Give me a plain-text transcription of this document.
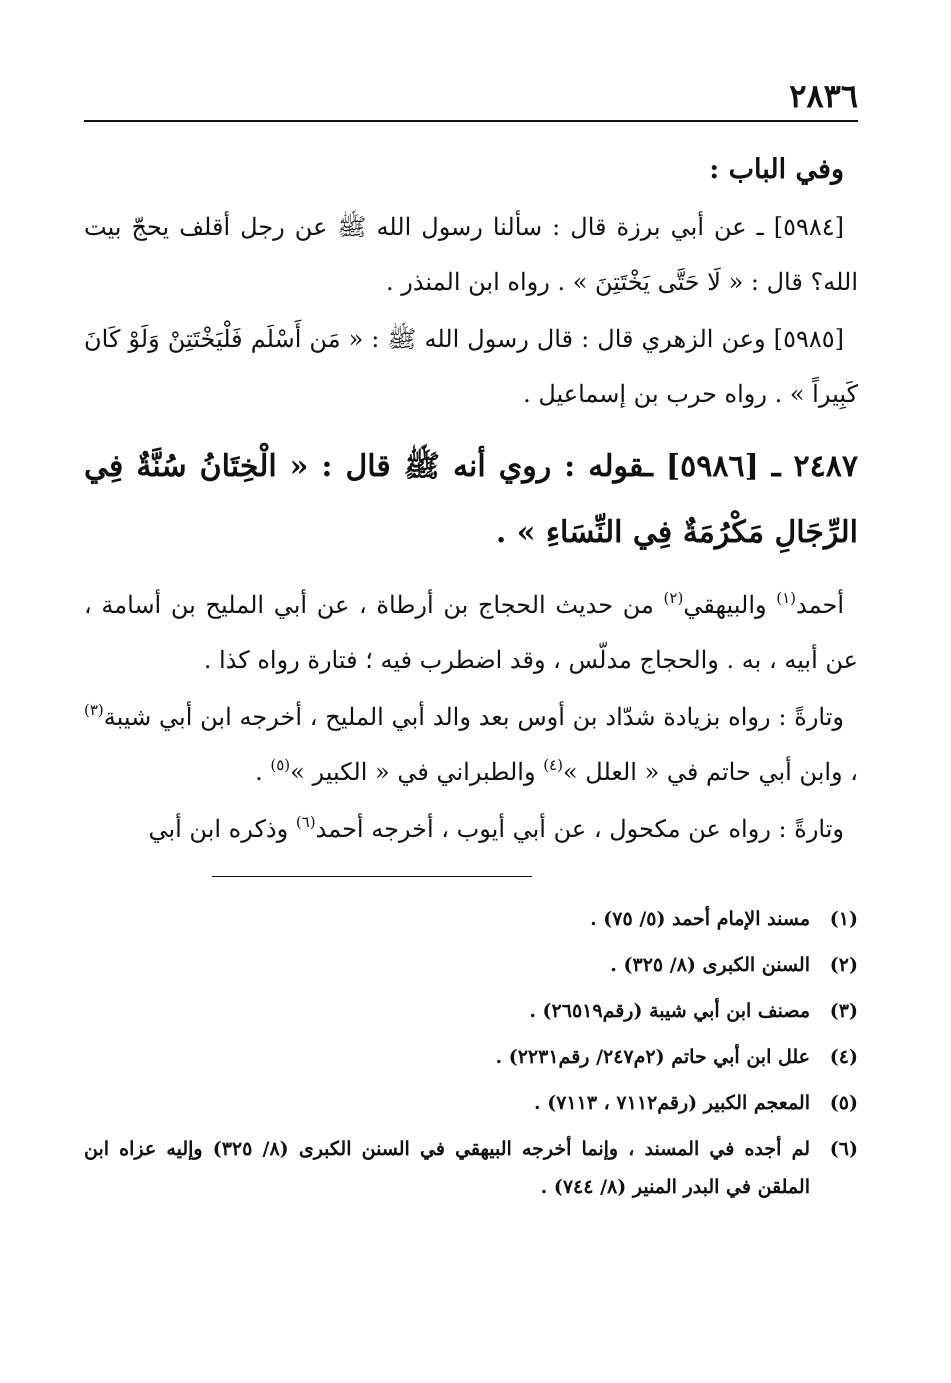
٢٨٣٦
وفي الباب :

[٥٩٨٤] ـ عن أبي برزة قال : سألنا رسول الله ﷺ عن رجل أقلف يحجّ بيت الله؟ قال : « لَا حَتَّى يَخْتَتِنَ » . رواه ابن المنذر .

[٥٩٨٥] وعن الزهري قال : قال رسول الله ﷺ : « مَن أَسْلَم فَلْيَخْتَتِنْ وَلَوْ كَانَ كَبِيراً » . رواه حرب بن إسماعيل .

٢٤٨٧ ـ [٥٩٨٦] ـقوله : روي أنه ﷺ قال : « الْخِتَانُ سُنَّةٌ فِي الرِّجَالِ مَكْرُمَةٌ فِي النِّسَاءِ » .

أحمد$^{(١)}$ والبيهقي$^{(٢)}$ من حديث الحجاج بن أرطاة ، عن أبي المليح بن أسامة ، عن أبيه ، به . والحجاج مدلّس ، وقد اضطرب فيه ؛ فتارة رواه كذا .

وتارةً : رواه بزيادة شدّاد بن أوس بعد والد أبي المليح ، أخرجه ابن أبي شيبة$^{(٣)}$ ، وابن أبي حاتم في « العلل »$^{(٤)}$ والطبراني في « الكبير »$^{(٥)}$ .

وتارةً : رواه عن مكحول ، عن أبي أيوب ، أخرجه أحمد$^{(٦)}$ وذكره ابن أبي

(١)
مسند الإمام أحمد (٥/ ٧٥) .
(٢)
السنن الكبرى (٨/ ٣٢٥) .
(٣)
مصنف ابن أبي شيبة (رقم٢٦٥١٩) .
(٤)
علل ابن أبي حاتم (٢م٢٤٧/ رقم٢٢٣١) .
(٥)
المعجم الكبير (رقم٧١١٢ ، ٧١١٣) .
(٦)
لم أجده في المسند ، وإنما أخرجه البيهقي في السنن الكبرى (٨/ ٣٢٥) وإليه عزاه ابن الملقن في البدر المنير (٨/ ٧٤٤) .
